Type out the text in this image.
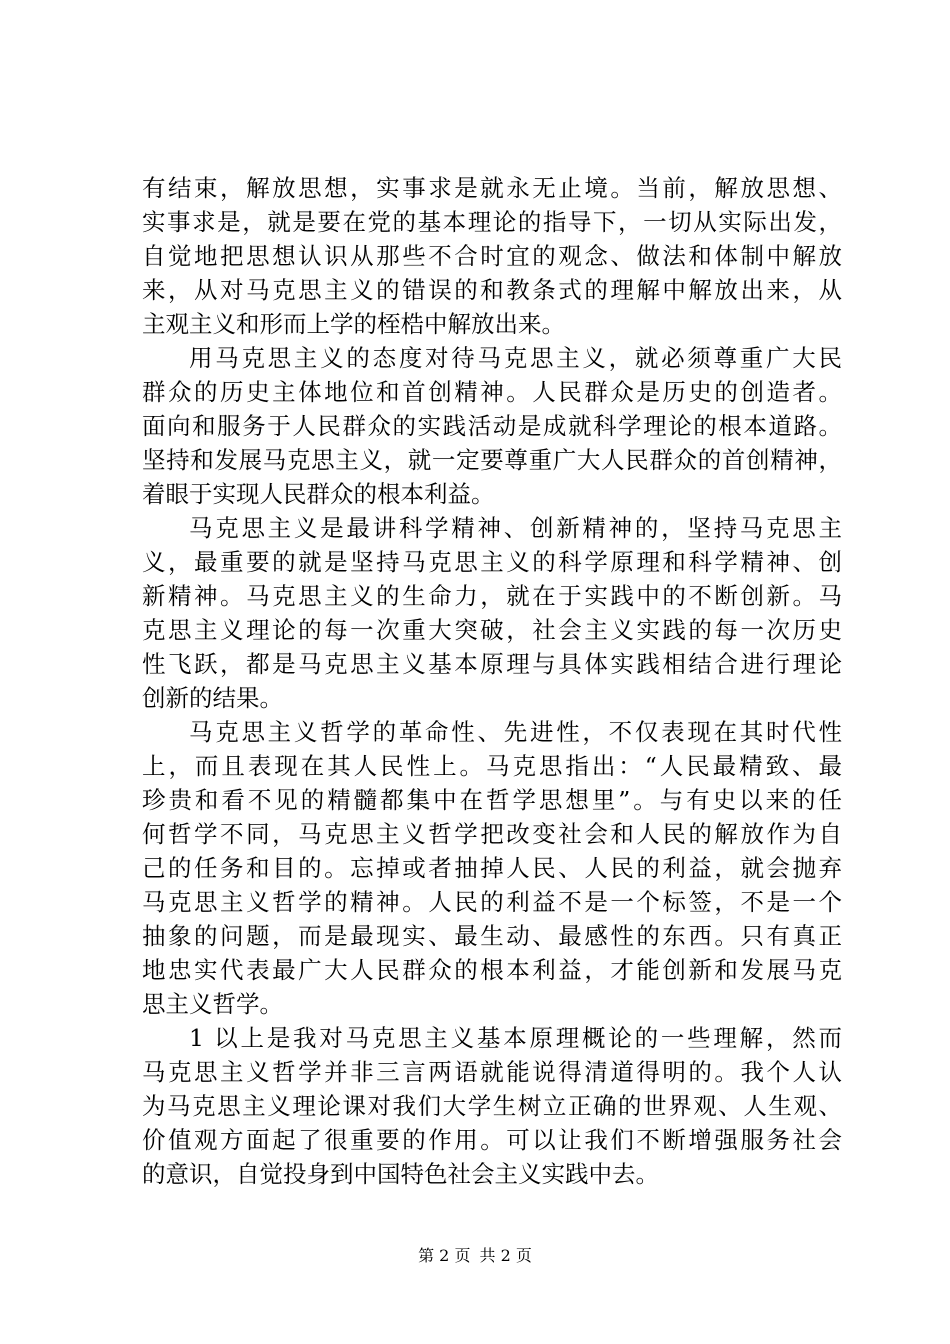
有结束，解放思想，实事求是就永无止境。当前，解放思想、
实事求是，就是要在党的基本理论的指导下，一切从实际出发，
自觉地把思想认识从那些不合时宜的观念、做法和体制中解放
来，从对马克思主义的错误的和教条式的理解中解放出来，从
主观主义和形而上学的桎梏中解放出来。
用马克思主义的态度对待马克思主义，就必须尊重广大民
群众的历史主体地位和首创精神。人民群众是历史的创造者。
面向和服务于人民群众的实践活动是成就科学理论的根本道路。
坚持和发展马克思主义，就一定要尊重广大人民群众的首创精神，
着眼于实现人民群众的根本利益。
马克思主义是最讲科学精神、创新精神的，坚持马克思主
义，最重要的就是坚持马克思主义的科学原理和科学精神、创
新精神。马克思主义的生命力，就在于实践中的不断创新。马
克思主义理论的每一次重大突破，社会主义实践的每一次历史
性飞跃，都是马克思主义基本原理与具体实践相结合进行理论
创新的结果。
马克思主义哲学的革命性、先进性，不仅表现在其时代性
上，而且表现在其人民性上。马克思指出：“人民最精致、最
珍贵和看不见的精髓都集中在哲学思想里”。与有史以来的任
何哲学不同，马克思主义哲学把改变社会和人民的解放作为自
己的任务和目的。忘掉或者抽掉人民、人民的利益，就会抛弃
马克思主义哲学的精神。人民的利益不是一个标签，不是一个
抽象的问题，而是最现实、最生动、最感性的东西。只有真正
地忠实代表最广大人民群众的根本利益，才能创新和发展马克
思主义哲学。
1 以上是我对马克思主义基本原理概论的一些理解，然而
马克思主义哲学并非三言两语就能说得清道得明的。我个人认
为马克思主义理论课对我们大学生树立正确的世界观、人生观、
价值观方面起了很重要的作用。可以让我们不断增强服务社会
的意识，自觉投身到中国特色社会主义实践中去。
第 2 页 共 2 页
